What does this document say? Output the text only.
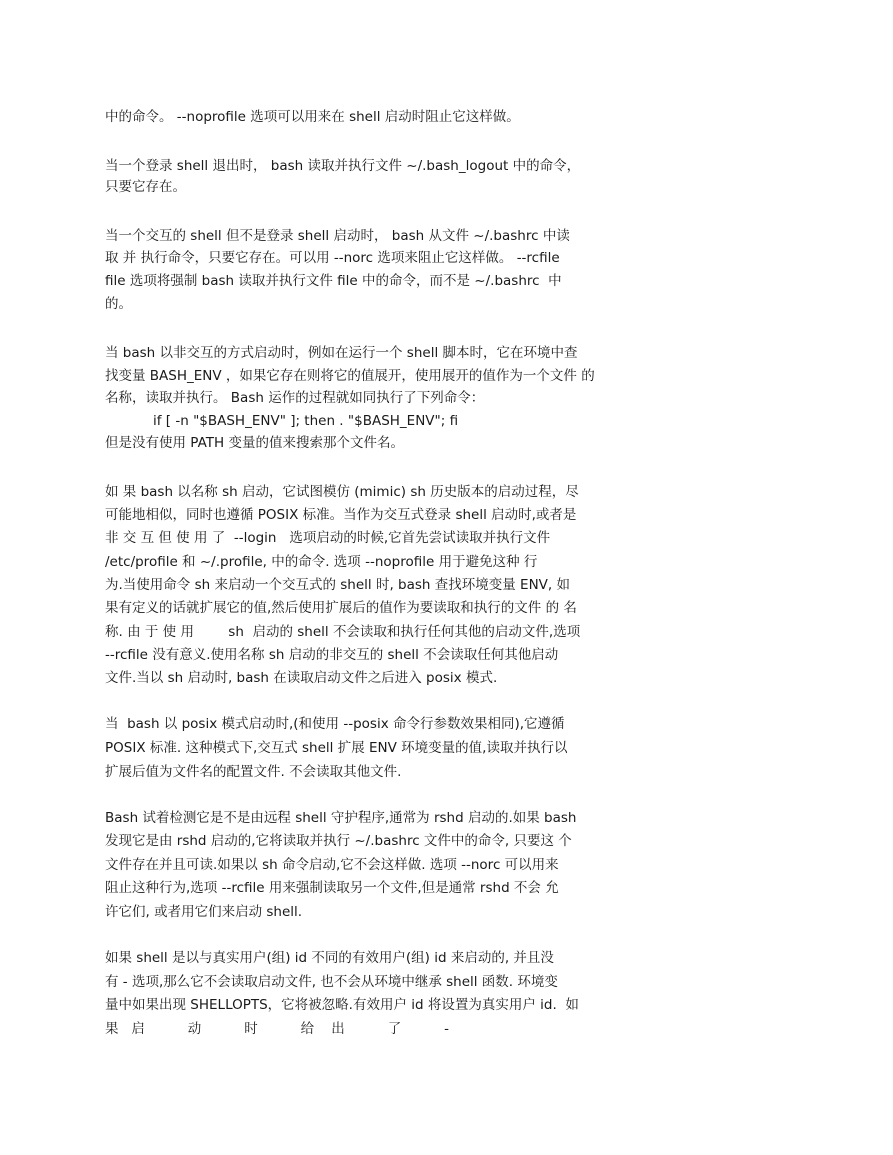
中的命令。 --noprofile 选项可以用来在 shell 启动时阻止它这样做。
当一个登录 shell 退出时， bash 读取并执行文件 ~/.bash_logout 中的命令，
只要它存在。
当一个交互的 shell 但不是登录 shell 启动时， bash 从文件 ~/.bashrc 中读
取 并 执行命令，只要它存在。可以用 --norc 选项来阻止它这样做。 --rcfile
file 选项将强制 bash 读取并执行文件 file 中的命令，而不是 ~/.bashrc  中
的。
当 bash 以非交互的方式启动时，例如在运行一个 shell 脚本时，它在环境中查
找变量 BASH_ENV ，如果它存在则将它的值展开，使用展开的值作为一个文件 的
名称，读取并执行。 Bash 运作的过程就如同执行了下列命令：
if [ -n "$BASH_ENV" ]; then . "$BASH_ENV"; fi
但是没有使用 PATH 变量的值来搜索那个文件名。
如 果 bash 以名称 sh 启动，它试图模仿 (mimic) sh 历史版本的启动过程，尽
可能地相似，同时也遵循 POSIX 标准。当作为交互式登录 shell 启动时,或者是
非 交 互 但 使 用 了  --login   选项启动的时候,它首先尝试读取并执行文件
/etc/profile 和 ~/.profile, 中的命令. 选项 --noprofile 用于避免这种 行
为.当使用命令 sh 来启动一个交互式的 shell 时, bash 查找环境变量 ENV, 如
果有定义的话就扩展它的值,然后使用扩展后的值作为要读取和执行的文件 的 名
称. 由 于 使 用        sh  启动的 shell 不会读取和执行任何其他的启动文件,选项
--rcfile 没有意义.使用名称 sh 启动的非交互的 shell 不会读取任何其他启动
文件.当以 sh 启动时, bash 在读取启动文件之后进入 posix 模式.
当  bash 以 posix 模式启动时,(和使用 --posix 命令行参数效果相同),它遵循
POSIX 标准. 这种模式下,交互式 shell 扩展 ENV 环境变量的值,读取并执行以
扩展后值为文件名的配置文件. 不会读取其他文件.
Bash 试着检测它是不是由远程 shell 守护程序,通常为 rshd 启动的.如果 bash
发现它是由 rshd 启动的,它将读取并执行 ~/.bashrc 文件中的命令, 只要这 个
文件存在并且可读.如果以 sh 命令启动,它不会这样做. 选项 --norc 可以用来
阻止这种行为,选项 --rcfile 用来强制读取另一个文件,但是通常 rshd 不会 允
许它们, 或者用它们来启动 shell.
如果 shell 是以与真实用户(组) id 不同的有效用户(组) id 来启动的, 并且没
有 - 选项,那么它不会读取启动文件, 也不会从环境中继承 shell 函数. 环境变
量中如果出现 SHELLOPTS，它将被忽略.有效用户 id 将设置为真实用户 id.  如
果   启          动          时          给    出          了          -
